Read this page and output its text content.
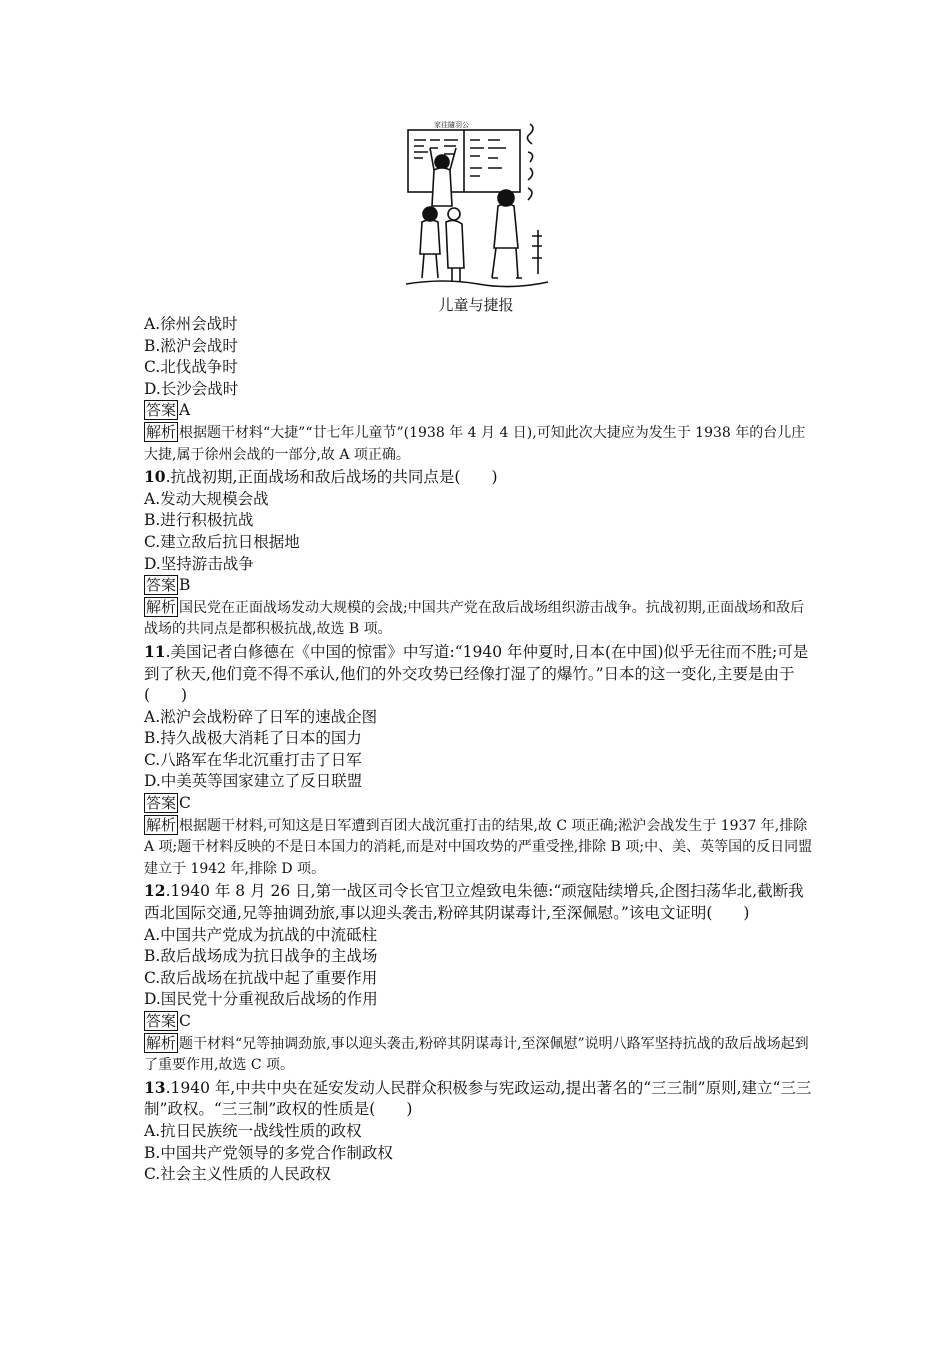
家往隨羽公
儿童与捷报
A.徐州会战时
B.淞沪会战时
C.北伐战争时
D.长沙会战时
答案 A
解析 根据题干材料“大捷”“廿七年儿童节”(1938 年 4 月 4 日),可知此次大捷应为发生于 1938 年的台儿庄大捷,属于徐州会战的一部分,故 A 项正确。
10.抗战初期,正面战场和敌后战场的共同点是(　　)
A.发动大规模会战
B.进行积极抗战
C.建立敌后抗日根据地
D.坚持游击战争
答案 B
解析 国民党在正面战场发动大规模的会战;中国共产党在敌后战场组织游击战争。抗战初期,正面战场和敌后战场的共同点是都积极抗战,故选 B 项。
11.美国记者白修德在《中国的惊雷》中写道:“1940 年仲夏时,日本(在中国)似乎无往而不胜;可是到了秋天,他们竟不得不承认,他们的外交攻势已经像打湿了的爆竹。”日本的这一变化,主要是由于(　　)
A.淞沪会战粉碎了日军的速战企图
B.持久战极大消耗了日本的国力
C.八路军在华北沉重打击了日军
D.中美英等国家建立了反日联盟
答案 C
解析 根据题干材料,可知这是日军遭到百团大战沉重打击的结果,故 C 项正确;淞沪会战发生于 1937 年,排除 A 项;题干材料反映的不是日本国力的消耗,而是对中国攻势的严重受挫,排除 B 项;中、美、英等国的反日同盟建立于 1942 年,排除 D 项。
12.1940 年 8 月 26 日,第一战区司令长官卫立煌致电朱德:“顽寇陆续增兵,企图扫荡华北,截断我西北国际交通,兄等抽调劲旅,事以迎头袭击,粉碎其阴谋毒计,至深佩慰。”该电文证明(　　)
A.中国共产党成为抗战的中流砥柱
B.敌后战场成为抗日战争的主战场
C.敌后战场在抗战中起了重要作用
D.国民党十分重视敌后战场的作用
答案 C
解析 题干材料“兄等抽调劲旅,事以迎头袭击,粉碎其阴谋毒计,至深佩慰”说明八路军坚持抗战的敌后战场起到了重要作用,故选 C 项。
13.1940 年,中共中央在延安发动人民群众积极参与宪政运动,提出著名的“三三制”原则,建立“三三制”政权。“三三制”政权的性质是(　　)
A.抗日民族统一战线性质的政权
B.中国共产党领导的多党合作制政权
C.社会主义性质的人民政权
